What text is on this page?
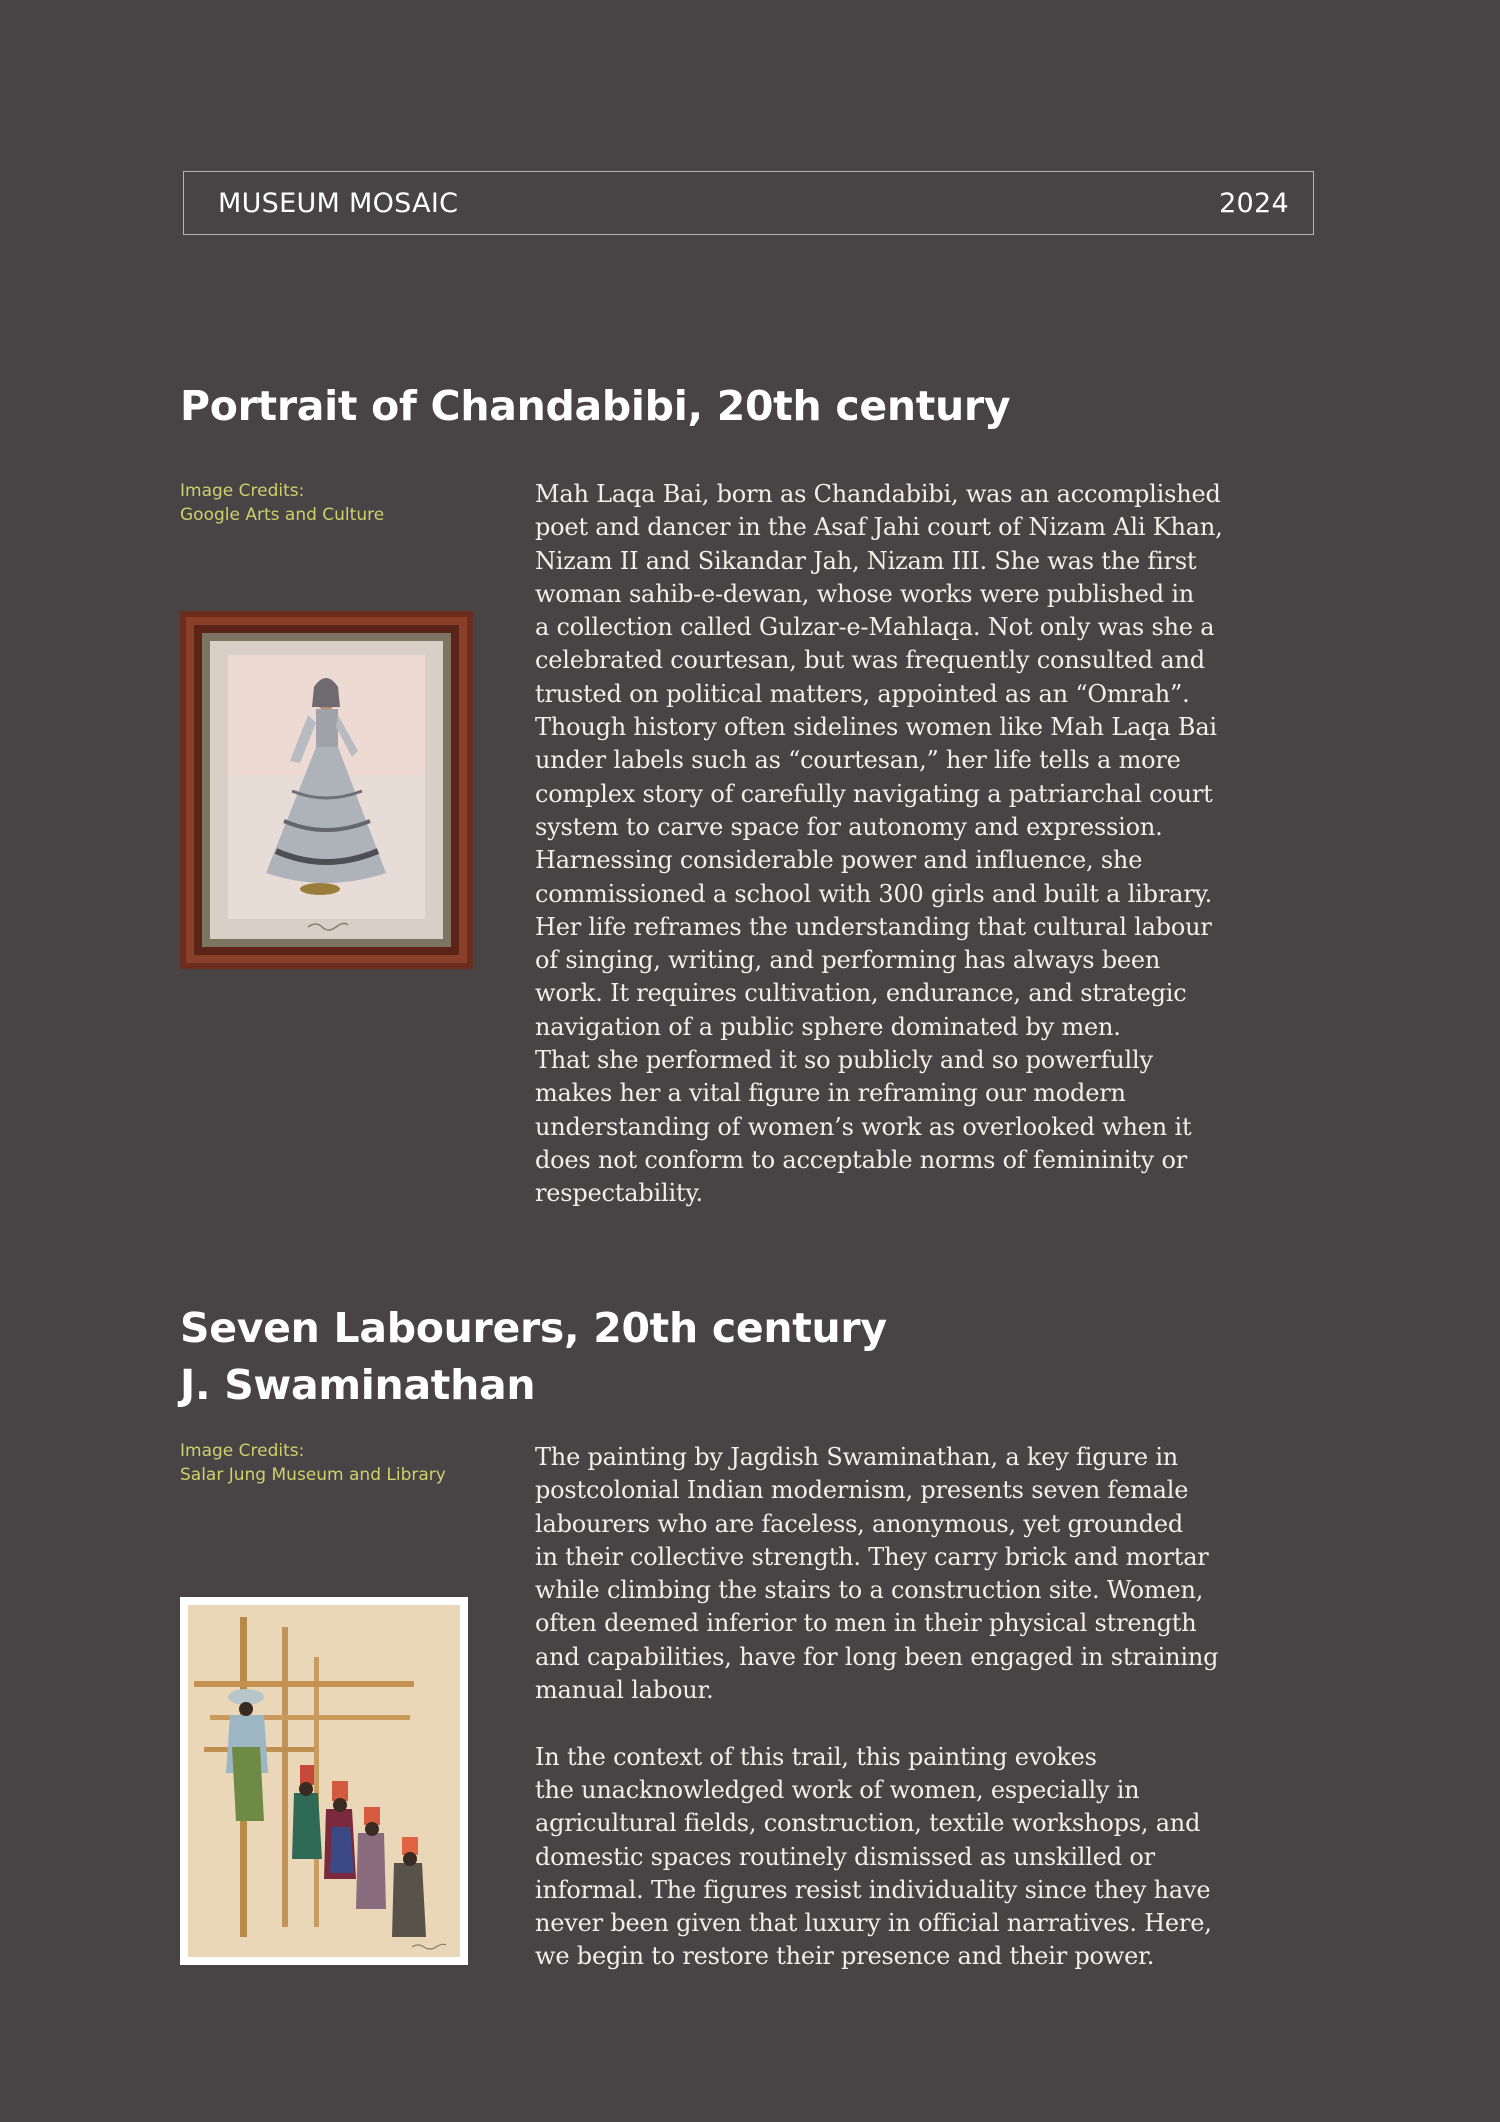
MUSEUM MOSAIC	2024
Portrait of Chandabibi, 20th century
Image Credits:
Google Arts and Culture

Mah Laqa Bai, born as Chandabibi, was an accomplished
poet and dancer in the Asaf Jahi court of Nizam Ali Khan,
Nizam II and Sikandar Jah, Nizam III. She was the first
woman sahib-e-dewan, whose works were published in
a collection called Gulzar-e-Mahlaqa. Not only was she a
celebrated courtesan, but was frequently consulted and
trusted on political matters, appointed as an “Omrah”.
Though history often sidelines women like Mah Laqa Bai
under labels such as “courtesan,” her life tells a more
complex story of carefully navigating a patriarchal court
system to carve space for autonomy and expression.
Harnessing considerable power and influence, she
commissioned a school with 300 girls and built a library.
Her life reframes the understanding that cultural labour
of singing, writing, and performing has always been
work. It requires cultivation, endurance, and strategic
navigation of a public sphere dominated by men.
That she performed it so publicly and so powerfully
makes her a vital figure in reframing our modern
understanding of women’s work as overlooked when it
does not conform to acceptable norms of femininity or
respectability.

Seven Labourers, 20th century
J. Swaminathan
Image Credits:
Salar Jung Museum and Library

The painting by Jagdish Swaminathan, a key figure in
postcolonial Indian modernism, presents seven female
labourers who are faceless, anonymous, yet grounded
in their collective strength. They carry brick and mortar
while climbing the stairs to a construction site. Women,
often deemed inferior to men in their physical strength
and capabilities, have for long been engaged in straining
manual labour.

In the context of this trail, this painting evokes
the unacknowledged work of women, especially in
agricultural fields, construction, textile workshops, and
domestic spaces routinely dismissed as unskilled or
informal. The figures resist individuality since they have
never been given that luxury in official narratives. Here,
we begin to restore their presence and their power.
